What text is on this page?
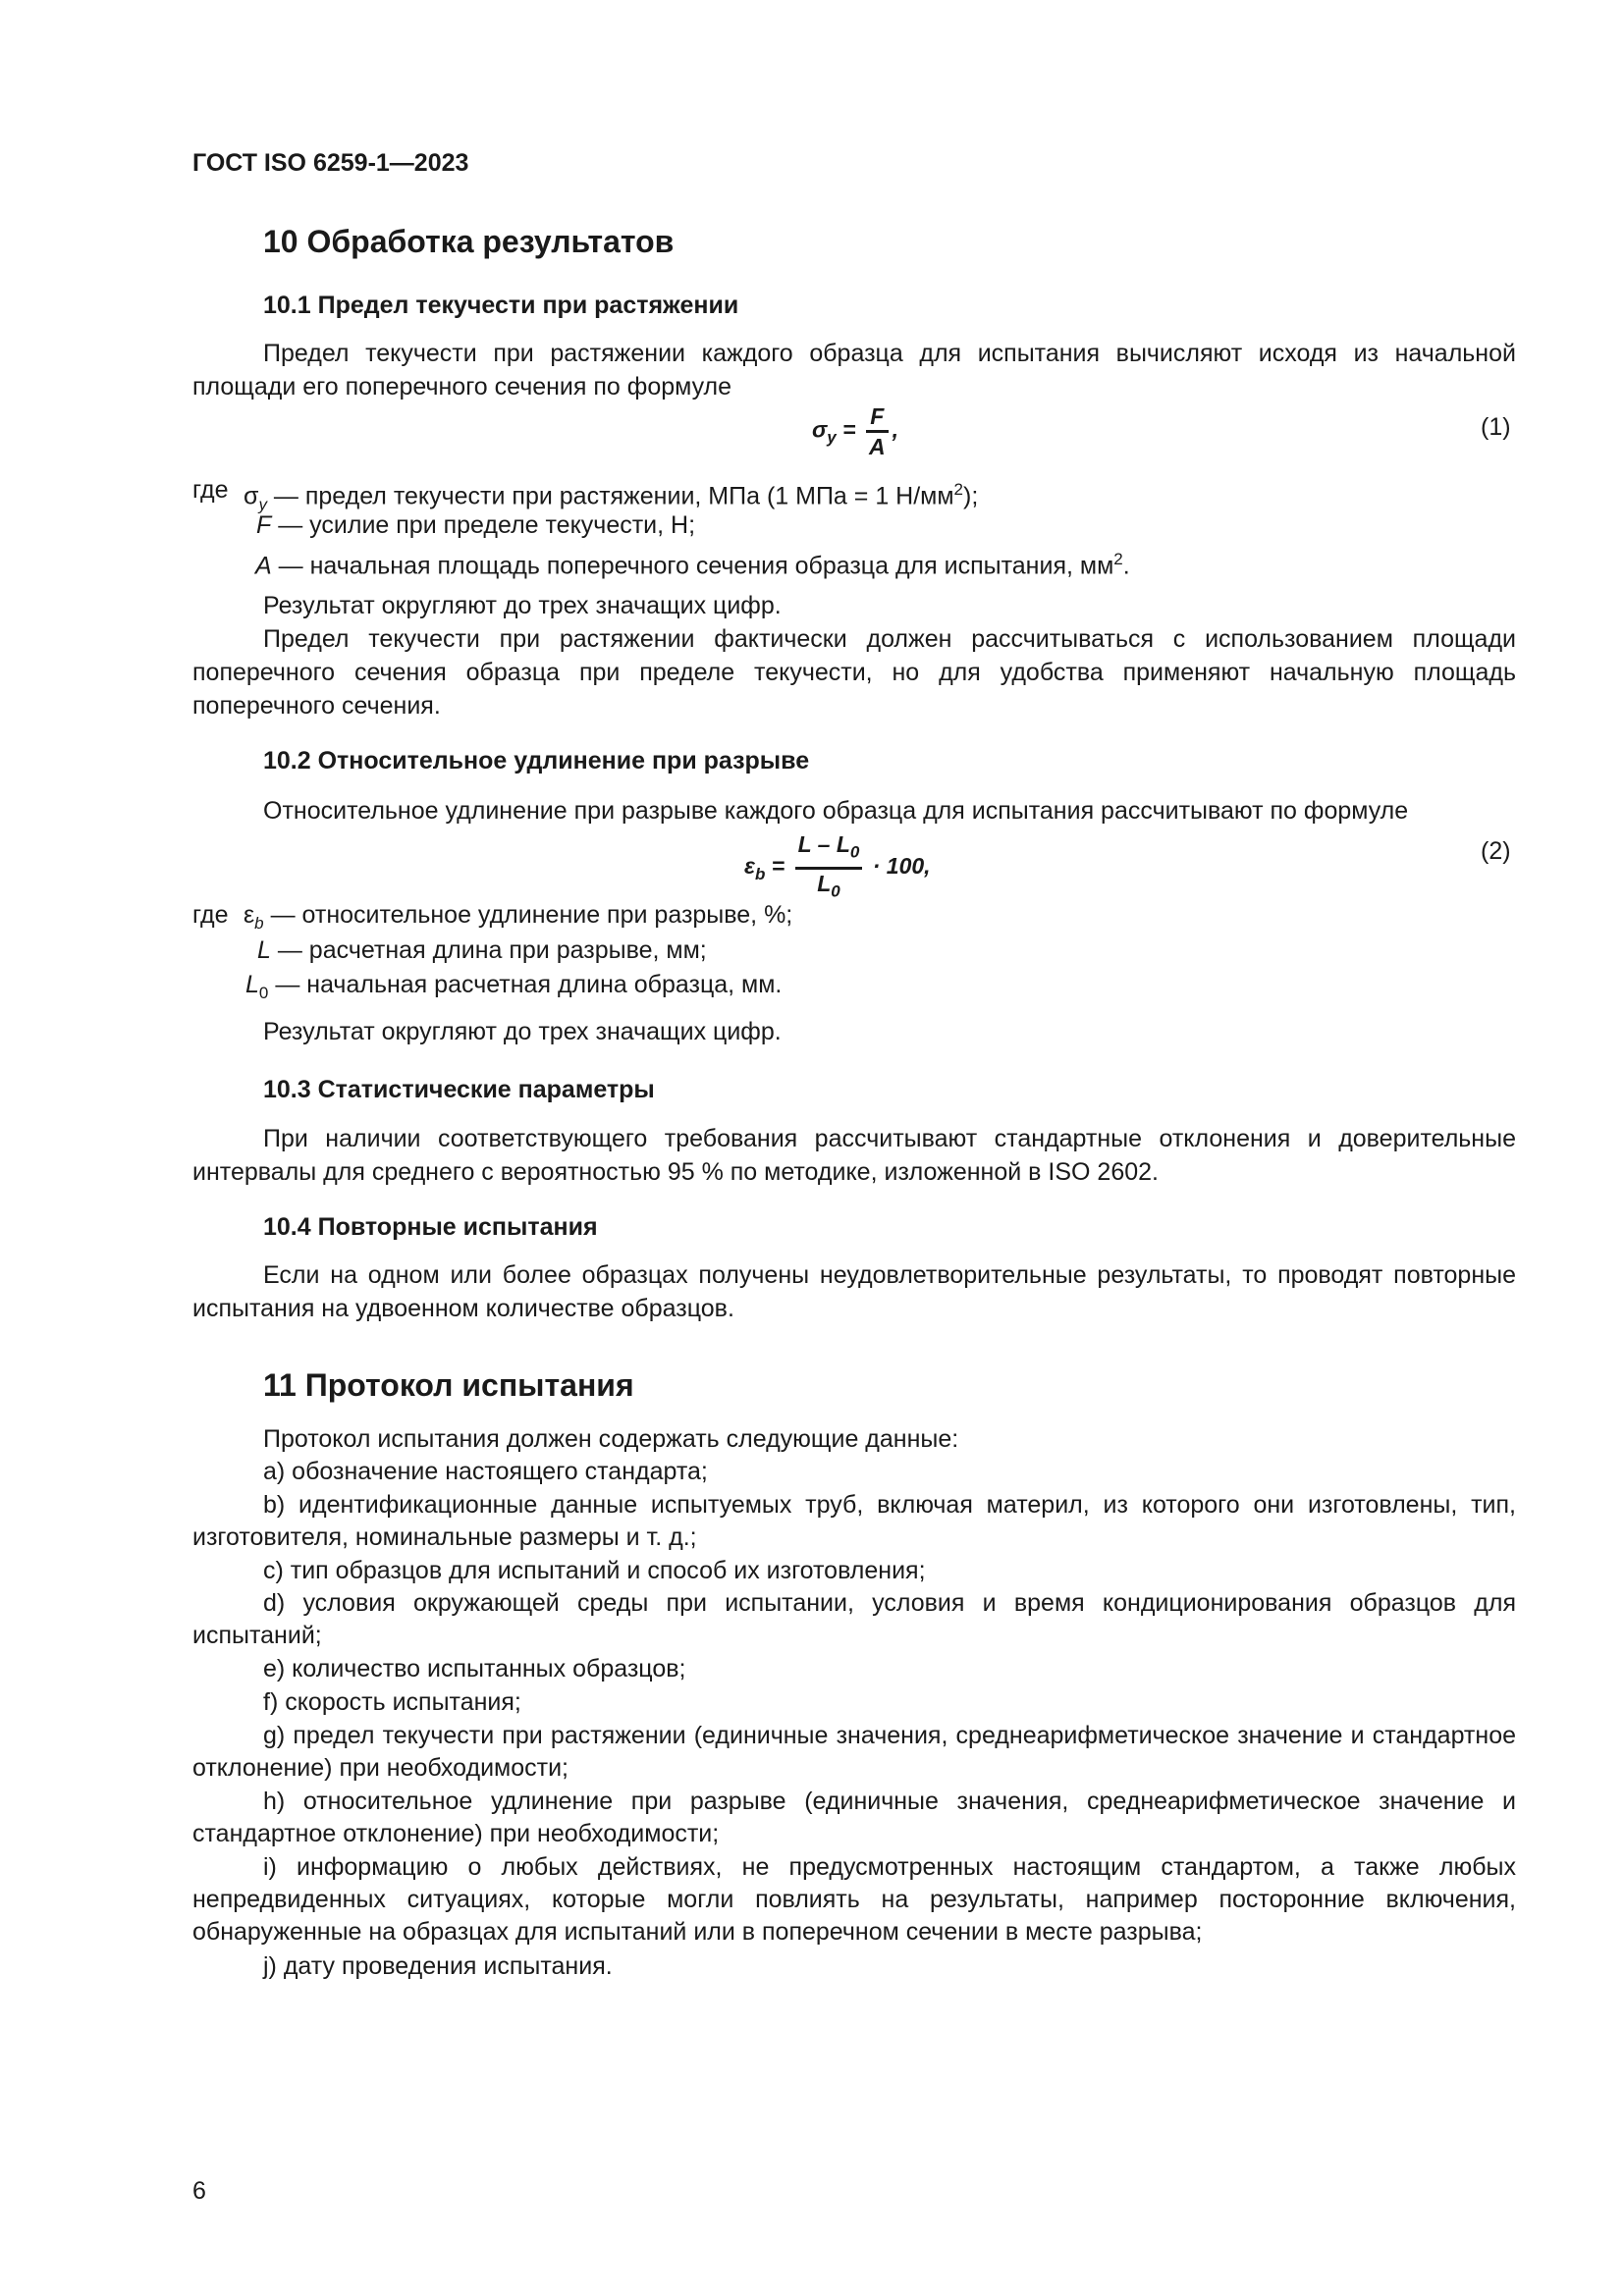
ГОСТ ISO 6259-1—2023
10 Обработка результатов
10.1 Предел текучести при растяжении

Предел текучести при растяжении каждого образца для испытания вычисляют исходя из начальной площади его поперечного сечения по формуле

$\sigma_y = \frac{F}{A}$ ,	(1)
где $\sigma_y$ — предел текучести при растяжении, МПа (1 МПа = 1 $Н/мм^2$);
F — усилие при пределе текучести, Н;
A — начальная площадь поперечного сечения образца для испытания, $мм^2$.
Результат округляют до трех значащих цифр.

Предел текучести при растяжении фактически должен рассчитываться с использованием площади поперечного сечения образца при пределе текучести, но для удобства применяют начальную площадь поперечного сечения.

10.2 Относительное удлинение при разрыве
Относительное удлинение при разрыве каждого образца для испытания рассчитывают по формуле
$\varepsilon_b = \frac{L - L_0}{L_0} \cdot 100$,
(2)
где $\varepsilon_b$ — относительное удлинение при разрыве, %;
L — расчетная длина при разрыве, мм;
$L_0$ — начальная расчетная длина образца, мм.
Результат округляют до трех значащих цифр.
10.3 Статистические параметры

При наличии соответствующего требования рассчитывают стандартные отклонения и доверительные интервалы для среднего с вероятностью 95 % по методике, изложенной в ISO 2602.

10.4 Повторные испытания

Если на одном или более образцах получены неудовлетворительные результаты, то проводят повторные испытания на удвоенном количестве образцов.

11 Протокол испытания
Протокол испытания должен содержать следующие данные:

a) обозначение настоящего стандарта;

b) идентификационные данные испытуемых труб, включая материл, из которого они изготовлены, тип, изготовителя, номинальные размеры и т. д.;

c) тип образцов для испытаний и способ их изготовления;

d) условия окружающей среды при испытании, условия и время кондиционирования образцов для испытаний;

e) количество испытанных образцов;

f) скорость испытания;

g) предел текучести при растяжении (единичные значения, среднеарифметическое значение и стандартное отклонение) при необходимости;

h) относительное удлинение при разрыве (единичные значения, среднеарифметическое значение и стандартное отклонение) при необходимости;

i) информацию о любых действиях, не предусмотренных настоящим стандартом, а также любых непредвиденных ситуациях, которые могли повлиять на результаты, например посторонние включения, обнаруженные на образцах для испытаний или в поперечном сечении в месте разрыва;

j) дату проведения испытания.

6
